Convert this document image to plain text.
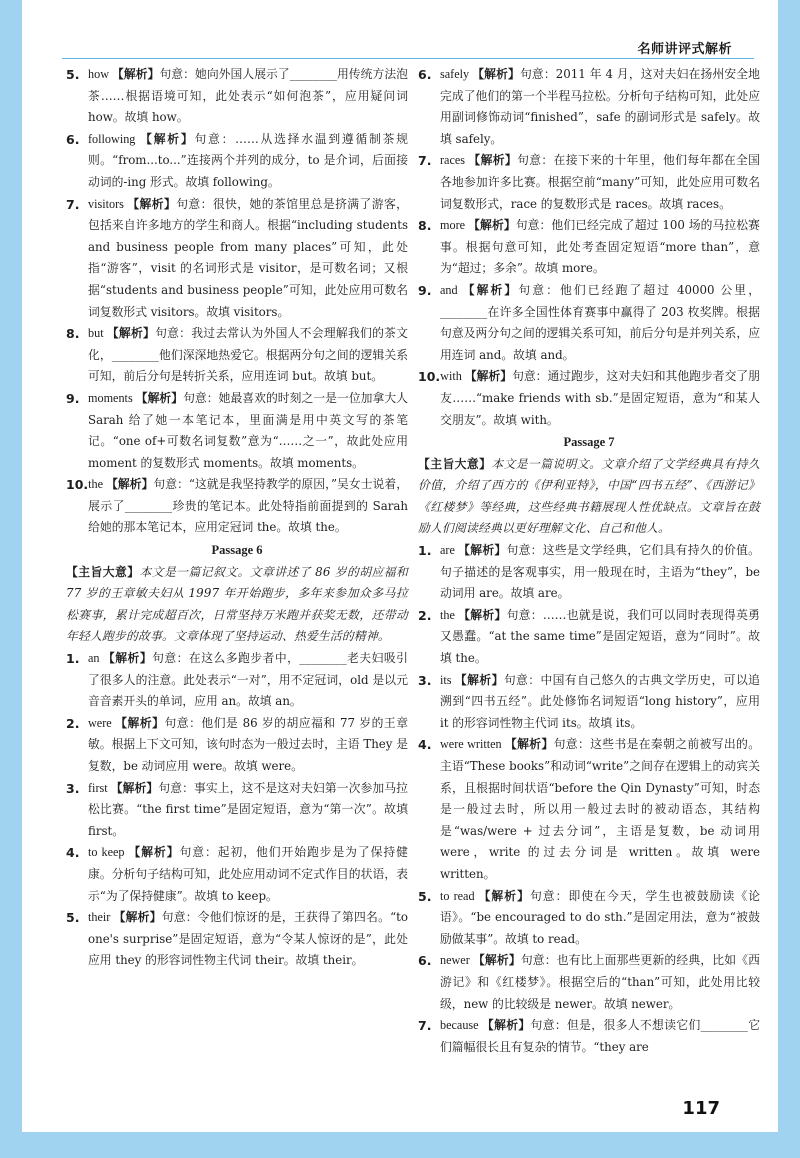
名师讲评式解析
5. how 【解析】句意：她向外国人展示了________用传统方法泡茶……根据语境可知，此处表示“如何泡茶”，应用疑问词 how。故填 how。
6. following 【解析】句意：……从选择水温到遵循制茶规则。“from...to...”连接两个并列的成分，to 是介词，后面接动词的-ing 形式。故填 following。
7. visitors 【解析】句意：很快，她的茶馆里总是挤满了游客，包括来自许多地方的学生和商人。根据“including students and business people from many places”可知，此处指“游客”，visit 的名词形式是 visitor，是可数名词；又根据“students and business people”可知，此处应用可数名词复数形式 visitors。故填 visitors。
8. but 【解析】句意：我过去常认为外国人不会理解我们的茶文化，________他们深深地热爱它。根据两分句之间的逻辑关系可知，前后分句是转折关系，应用连词 but。故填 but。
9. moments 【解析】句意：她最喜欢的时刻之一是一位加拿大人 Sarah 给了她一本笔记本，里面满是用中英文写的茶笔记。“one of+可数名词复数”意为“……之一”，故此处应用 moment 的复数形式 moments。故填 moments。
10. the 【解析】句意：“这就是我坚持教学的原因，”吴女士说着，展示了________珍贵的笔记本。此处特指前面提到的 Sarah 给她的那本笔记本，应用定冠词 the。故填 the。
Passage 6
【主旨大意】本文是一篇记叙文。文章讲述了 86 岁的胡应福和 77 岁的王章敏夫妇从 1997 年开始跑步，多年来参加众多马拉松赛事，累计完成超百次，日常坚持万米跑并获奖无数，还带动年轻人跑步的故事。文章体现了坚持运动、热爱生活的精神。
1. an 【解析】句意：在这么多跑步者中，________老夫妇吸引了很多人的注意。此处表示“一对”，用不定冠词，old 是以元音音素开头的单词，应用 an。故填 an。
2. were 【解析】句意：他们是 86 岁的胡应福和 77 岁的王章敏。根据上下文可知，该句时态为一般过去时，主语 They 是复数，be 动词应用 were。故填 were。
3. first 【解析】句意：事实上，这不是这对夫妇第一次参加马拉松比赛。“the first time”是固定短语，意为“第一次”。故填 first。
4. to keep 【解析】句意：起初，他们开始跑步是为了保持健康。分析句子结构可知，此处应用动词不定式作目的状语，表示“为了保持健康”。故填 to keep。
5. their 【解析】句意：令他们惊讶的是，王获得了第四名。“to one's surprise”是固定短语，意为“令某人惊讶的是”，此处应用 they 的形容词性物主代词 their。故填 their。
6. safely 【解析】句意：2011 年 4 月，这对夫妇在扬州安全地完成了他们的第一个半程马拉松。分析句子结构可知，此处应用副词修饰动词“finished”，safe 的副词形式是 safely。故填 safely。
7. races 【解析】句意：在接下来的十年里，他们每年都在全国各地参加许多比赛。根据空前“many”可知，此处应用可数名词复数形式，race 的复数形式是 races。故填 races。
8. more 【解析】句意：他们已经完成了超过 100 场的马拉松赛事。根据句意可知，此处考查固定短语“more than”，意为“超过；多余”。故填 more。
9. and 【解析】句意：他们已经跑了超过 40000 公里，________在许多全国性体育赛事中赢得了 203 枚奖牌。根据句意及两分句之间的逻辑关系可知，前后分句是并列关系，应用连词 and。故填 and。
10. with 【解析】句意：通过跑步，这对夫妇和其他跑步者交了朋友……“make friends with sb.”是固定短语，意为“和某人交朋友”。故填 with。
Passage 7
【主旨大意】本文是一篇说明文。文章介绍了文学经典具有持久价值，介绍了西方的《伊利亚特》，中国“四书五经”、《西游记》《红楼梦》等经典，这些经典书籍展现人性优缺点。文章旨在鼓励人们阅读经典以更好理解文化、自己和他人。
1. are 【解析】句意：这些是文学经典，它们具有持久的价值。句子描述的是客观事实，用一般现在时，主语为“they”，be 动词用 are。故填 are。
2. the 【解析】句意：……也就是说，我们可以同时表现得英勇又愚蠢。“at the same time”是固定短语，意为“同时”。故填 the。
3. its 【解析】句意：中国有自己悠久的古典文学历史，可以追溯到“四书五经”。此处修饰名词短语“long history”，应用 it 的形容词性物主代词 its。故填 its。
4. were written 【解析】句意：这些书是在秦朝之前被写出的。主语“These books”和动词“write”之间存在逻辑上的动宾关系，且根据时间状语“before the Qin Dynasty”可知，时态是一般过去时，所以用一般过去时的被动语态，其结构是“was/were + 过去分词”，主语是复数，be 动词用 were，write 的过去分词是 written。故填 were written。
5. to read 【解析】句意：即使在今天，学生也被鼓励读《论语》。“be encouraged to do sth.”是固定用法，意为“被鼓励做某事”。故填 to read。
6. newer 【解析】句意：也有比上面那些更新的经典，比如《西游记》和《红楼梦》。根据空后的“than”可知，此处用比较级，new 的比较级是 newer。故填 newer。
7. because 【解析】句意：但是，很多人不想读它们________它们篇幅很长且有复杂的情节。“they are
117
